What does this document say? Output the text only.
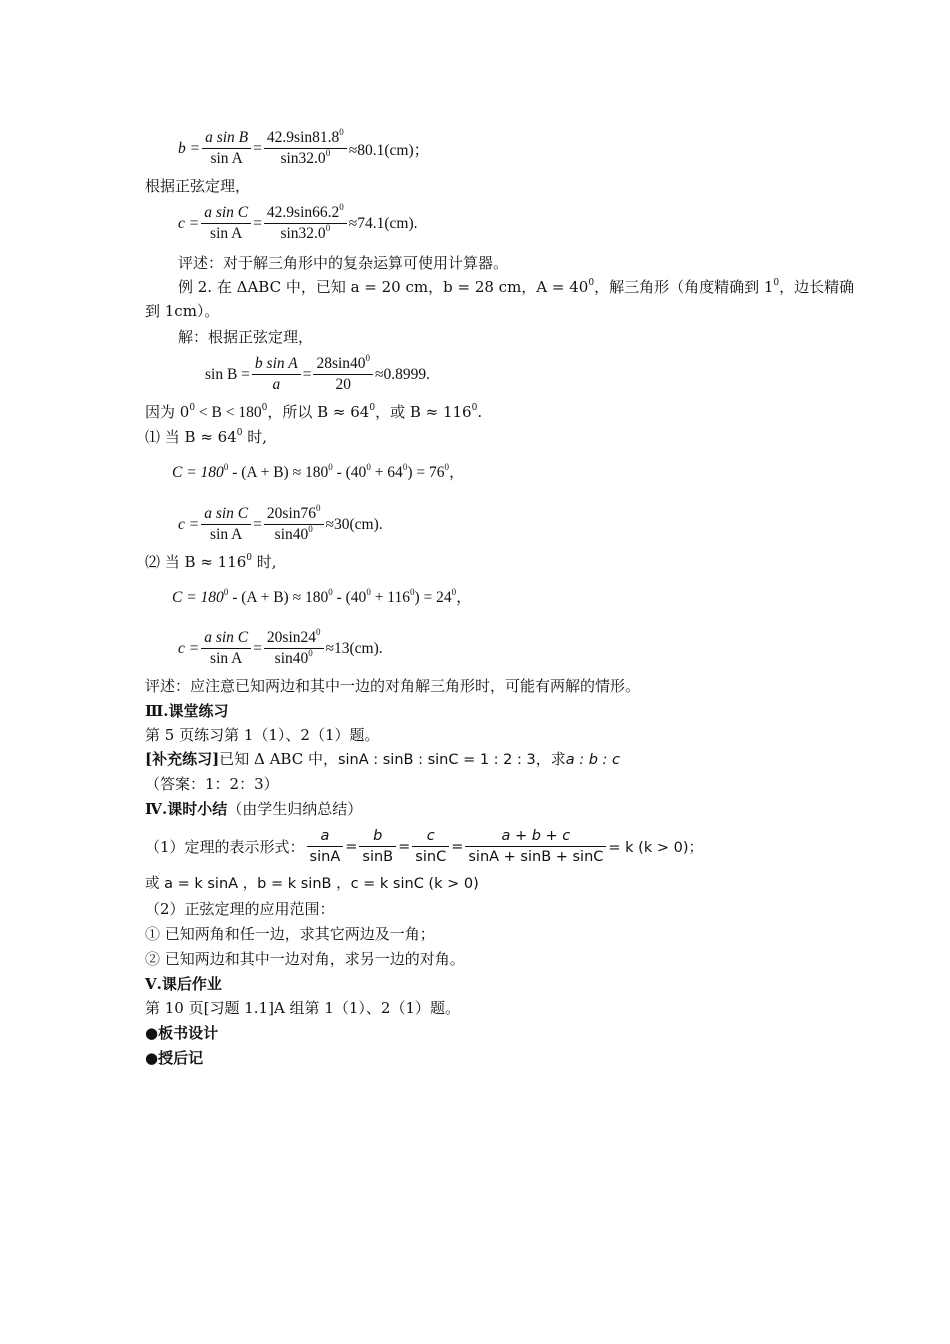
$b = \frac{\text{a sin B}}{\text{sin A}} = \frac{42.9\sin 81.8^0}{\sin 32.0^0} \approx 80.1(cm)$；
根据正弦定理，
$c = \frac{\text{a sin C}}{\text{sin A}} = \frac{42.9\sin 66.2^0}{\sin 32.0^0} \approx 74.1(cm)$.
评述：对于解三角形中的复杂运算可使用计算器。
例 2. 在 ΔABC 中，已知 a = 20 cm，b = 28 cm，$A = 40^0$，解三角形（角度精确到 $1^0$，边长精确
到 1cm）。
解：根据正弦定理，
$\sin B = \frac{\text{b sin A}}{a} = \frac{28\sin 40^0}{20} \approx 0.8999$.
因为 $0^0 < B < 180^0$，所以 $B \approx 64^0$，或 $B \approx 116^0$.
⑴ 当 $B \approx 64^0$ 时,
$C = 180^0 - (A + B) \approx 180^0 - (40^0 + 64^0) = 76^0$，
$c = \frac{\text{a sin C}}{\text{sin A}} = \frac{20\sin 76^0}{\sin 40^0} \approx 30(cm)$.
⑵ 当 $B \approx 116^0$ 时,
$C = 180^0 - (A + B) \approx 180^0 - (40^0 + 116^0) = 24^0$，
$c = \frac{\text{a sin C}}{\text{sin A}} = \frac{20\sin 24^0}{\sin 40^0} \approx 13(cm)$.
评述：应注意已知两边和其中一边的对角解三角形时，可能有两解的情形。
Ⅲ.课堂练习
第 5 页练习第 1（1）、2（1）题。
[补充练习]已知 Δ ABC 中，sinA : sinB : sinC = 1 : 2 : 3，求a : b : c
（答案：1：2：3）
Ⅳ.课时小结（由学生归纳总结）
（1）定理的表示形式： $\frac{a}{\sin A} = \frac{b}{\sin B} = \frac{c}{\sin C} = \frac{a + b + c}{\sin A + \sin B + \sin C} = k$ (k > 0)；
或 a = k sinA ，b = k sinB ，c = k sinC (k > 0)
（2）正弦定理的应用范围：
① 已知两角和任一边，求其它两边及一角；
② 已知两边和其中一边对角，求另一边的对角。
Ⅴ.课后作业
第 10 页[习题 1.1]A 组第 1（1）、2（1）题。
●板书设计
●授后记
